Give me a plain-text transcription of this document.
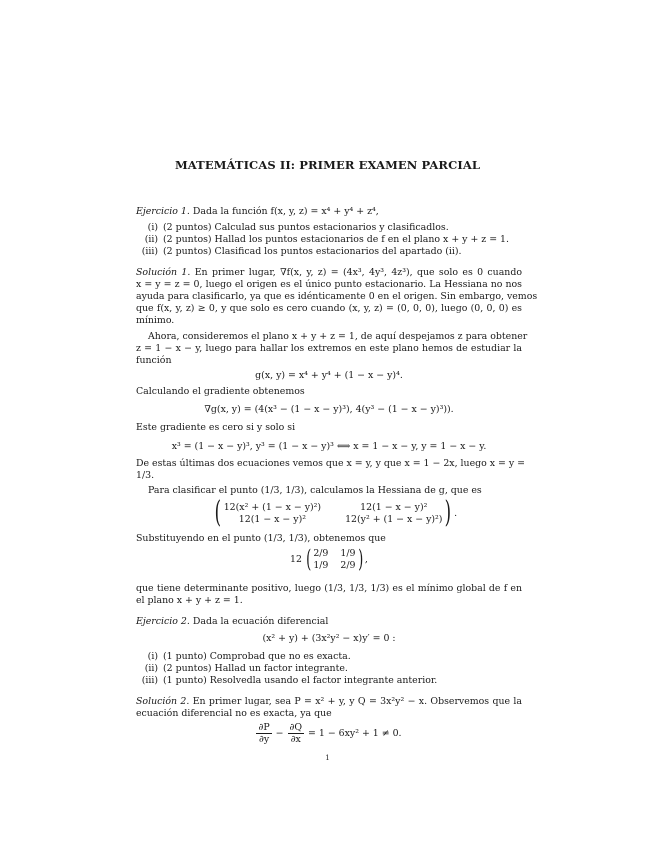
MATEMÁTICAS II: PRIMER EXAMEN PARCIAL
Ejercicio 1. Dada la función f(x, y, z) = x⁴ + y⁴ + z⁴,
(i) (2 puntos) Calculad sus puntos estacionarios y clasificadlos.
(ii) (2 puntos) Hallad los puntos estacionarios de f en el plano x + y + z = 1.
(iii) (2 puntos) Clasificad los puntos estacionarios del apartado (ii).
Solución 1. En primer lugar, ∇f(x, y, z) = (4x³, 4y³, 4z³), que solo es 0 cuando
x = y = z = 0, luego el origen es el único punto estacionario. La Hessiana no nos
ayuda para clasificarlo, ya que es idénticamente 0 en el origen. Sin embargo, vemos
que f(x, y, z) ≥ 0, y que solo es cero cuando (x, y, z) = (0, 0, 0), luego (0, 0, 0) es
mínimo.
Ahora, consideremos el plano x + y + z = 1, de aquí despejamos z para obtener
z = 1 − x − y, luego para hallar los extremos en este plano hemos de estudiar la
función
g(x, y) = x⁴ + y⁴ + (1 − x − y)⁴.
Calculando el gradiente obtenemos
∇g(x, y) = (4(x³ − (1 − x − y)³), 4(y³ − (1 − x − y)³)).
Este gradiente es cero si y solo si
x³ = (1 − x − y)³, y³ = (1 − x − y)³ ⟺ x = 1 − x − y, y = 1 − x − y.
De estas últimas dos ecuaciones vemos que x = y, y que x = 1 − 2x, luego x = y =
1/3.
Para clasificar el punto (1/3, 1/3), calculamos la Hessiana de g, que es
( 12(x² + (1 − x − y)²)	12(1 − x − y)²
12(1 − x − y)²	12(y² + (1 − x − y)²) ) .
Substituyendo en el punto (1/3, 1/3), obtenemos que
12 ( 2/9 1/9
1/9 2/9 ) ,
que tiene determinante positivo, luego (1/3, 1/3, 1/3) es el mínimo global de f en
el plano x + y + z = 1.
Ejercicio 2. Dada la ecuación diferencial
(x² + y) + (3x²y² − x)y′ = 0 :
(i) (1 punto) Comprobad que no es exacta.
(ii) (2 puntos) Hallad un factor integrante.
(iii) (1 punto) Resolvedla usando el factor integrante anterior.
Solución 2. En primer lugar, sea P = x² + y, y Q = 3x²y² − x. Observemos que la
ecuación diferencial no es exacta, ya que
$\frac{\partial P}{\partial y} - \frac{\partial Q}{\partial x} = 1 - 6xy^2 + 1 \ne 0$.
1
